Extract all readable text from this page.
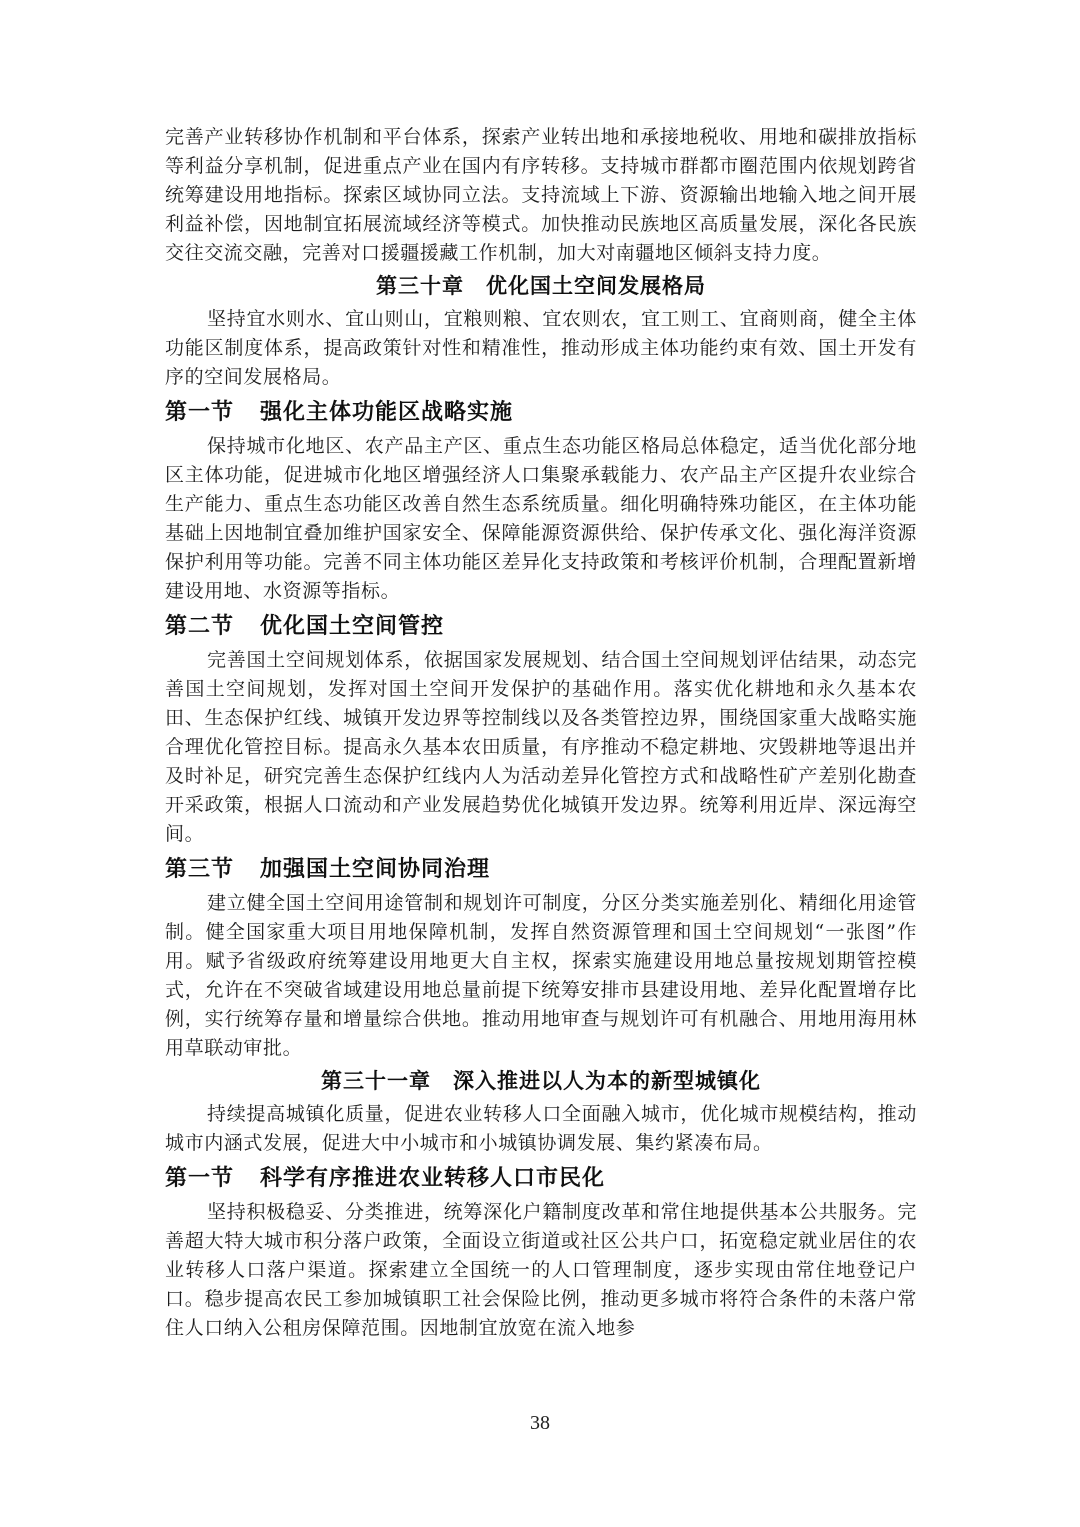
完善产业转移协作机制和平台体系，探索产业转出地和承接地税收、用地和碳排放指标等利益分享机制，促进重点产业在国内有序转移。支持城市群都市圈范围内依规划跨省统筹建设用地指标。探索区域协同立法。支持流域上下游、资源输出地输入地之间开展利益补偿，因地制宜拓展流域经济等模式。加快推动民族地区高质量发展，深化各民族交往交流交融，完善对口援疆援藏工作机制，加大对南疆地区倾斜支持力度。

第三十章 优化国土空间发展格局

坚持宜水则水、宜山则山，宜粮则粮、宜农则农，宜工则工、宜商则商，健全主体功能区制度体系，提高政策针对性和精准性，推动形成主体功能约束有效、国土开发有序的空间发展格局。

第一节 强化主体功能区战略实施

保持城市化地区、农产品主产区、重点生态功能区格局总体稳定，适当优化部分地区主体功能，促进城市化地区增强经济人口集聚承载能力、农产品主产区提升农业综合生产能力、重点生态功能区改善自然生态系统质量。细化明确特殊功能区，在主体功能基础上因地制宜叠加维护国家安全、保障能源资源供给、保护传承文化、强化海洋资源保护利用等功能。完善不同主体功能区差异化支持政策和考核评价机制，合理配置新增建设用地、水资源等指标。

第二节 优化国土空间管控

完善国土空间规划体系，依据国家发展规划、结合国土空间规划评估结果，动态完善国土空间规划，发挥对国土空间开发保护的基础作用。落实优化耕地和永久基本农田、生态保护红线、城镇开发边界等控制线以及各类管控边界，围绕国家重大战略实施合理优化管控目标。提高永久基本农田质量，有序推动不稳定耕地、灾毁耕地等退出并及时补足，研究完善生态保护红线内人为活动差异化管控方式和战略性矿产差别化勘查开采政策，根据人口流动和产业发展趋势优化城镇开发边界。统筹利用近岸、深远海空间。

第三节 加强国土空间协同治理

建立健全国土空间用途管制和规划许可制度，分区分类实施差别化、精细化用途管制。健全国家重大项目用地保障机制，发挥自然资源管理和国土空间规划“一张图”作用。赋予省级政府统筹建设用地更大自主权，探索实施建设用地总量按规划期管控模式，允许在不突破省域建设用地总量前提下统筹安排市县建设用地、差异化配置增存比例，实行统筹存量和增量综合供地。推动用地审查与规划许可有机融合、用地用海用林用草联动审批。

第三十一章 深入推进以人为本的新型城镇化

持续提高城镇化质量，促进农业转移人口全面融入城市，优化城市规模结构，推动城市内涵式发展，促进大中小城市和小城镇协调发展、集约紧凑布局。

第一节 科学有序推进农业转移人口市民化

坚持积极稳妥、分类推进，统筹深化户籍制度改革和常住地提供基本公共服务。完善超大特大城市积分落户政策，全面设立街道或社区公共户口，拓宽稳定就业居住的农业转移人口落户渠道。探索建立全国统一的人口管理制度，逐步实现由常住地登记户口。稳步提高农民工参加城镇职工社会保险比例，推动更多城市将符合条件的未落户常住人口纳入公租房保障范围。因地制宜放宽在流入地参

38
